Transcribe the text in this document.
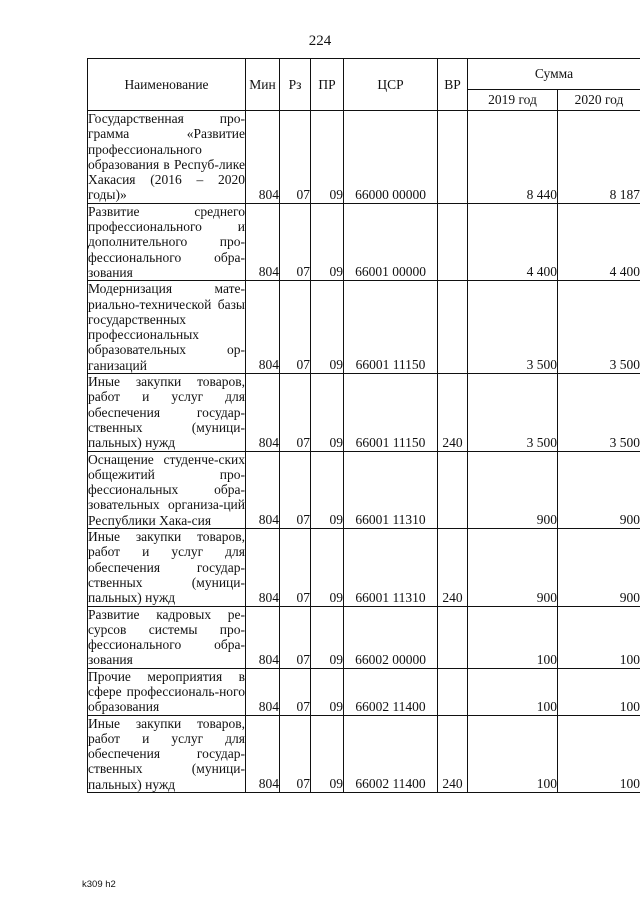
224
Наименование	Мин	Рз	ПР	ЦСР	ВР	Сумма	
						2019 год	2020 год
Государственная про-грамма «Развитие профессионального образования в Респуб-лике Хакасия (2016 – 2020 годы)»	804	07	09	66000 00000		8 440	8 187
Развитие среднего профессионального и дополнительного про-фессионального обра-зования	804	07	09	66001 00000		4 400	4 400
Модернизация мате-риально-технической базы государственных профессиональных образовательных ор-ганизаций	804	07	09	66001 11150		3 500	3 500
Иные закупки товаров, работ и услуг для обеспечения государ-ственных (муници-пальных) нужд	804	07	09	66001 11150	240	3 500	3 500
Оснащение студенче-ских общежитий про-фессиональных обра-зовательных организа-ций Республики Хака-сия	804	07	09	66001 11310		900	900
Иные закупки товаров, работ и услуг для обеспечения государ-ственных (муници-пальных) нужд	804	07	09	66001 11310	240	900	900
Развитие кадровых ре-сурсов системы про-фессионального обра-зования	804	07	09	66002 00000		100	100
Прочие мероприятия в сфере профессиональ-ного образования	804	07	09	66002 11400		100	100
Иные закупки товаров, работ и услуг для обеспечения государ-ственных (муници-пальных) нужд	804	07	09	66002 11400	240	100	100
k309 h2
